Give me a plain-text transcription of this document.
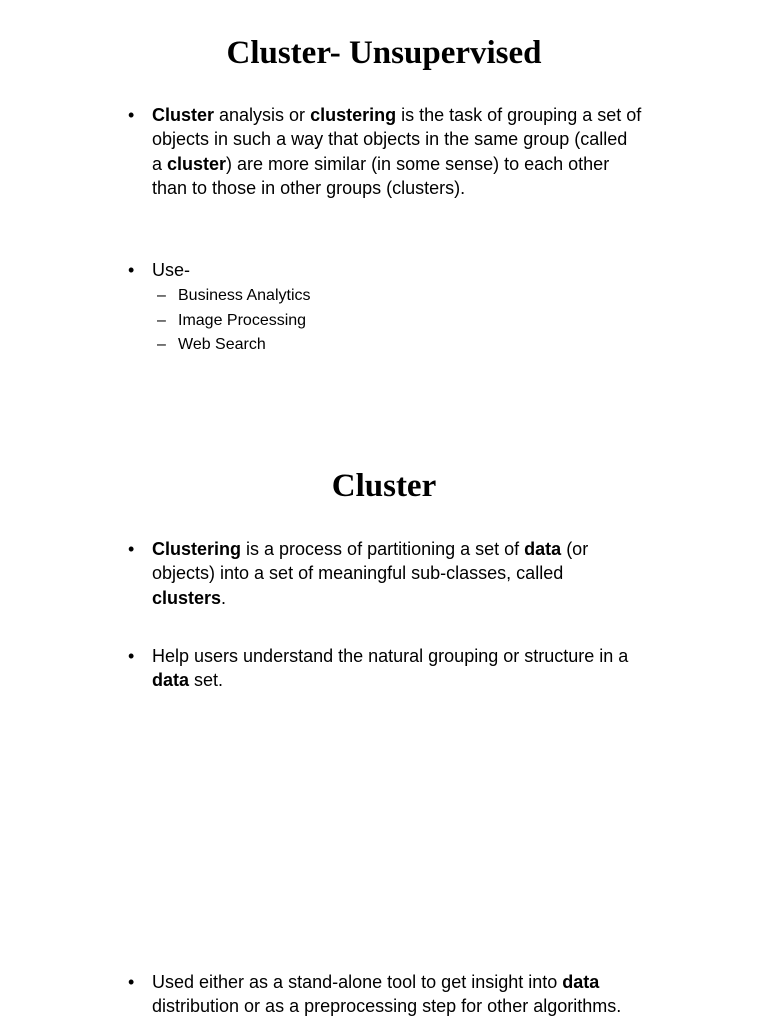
Cluster- Unsupervised
• Cluster analysis or clustering is the task of grouping a set of objects in such a way that objects in the same group (called a cluster) are more similar (in some sense) to each other than to those in other groups (clusters).
• Use-
– Business Analytics
– Image Processing
– Web Search
Cluster
• Clustering is a process of partitioning a set of data (or objects) into a set of meaningful sub-classes, called clusters.
• Help users understand the natural grouping or structure in a data set.
• Used either as a stand-alone tool to get insight into data distribution or as a preprocessing step for other algorithms.
